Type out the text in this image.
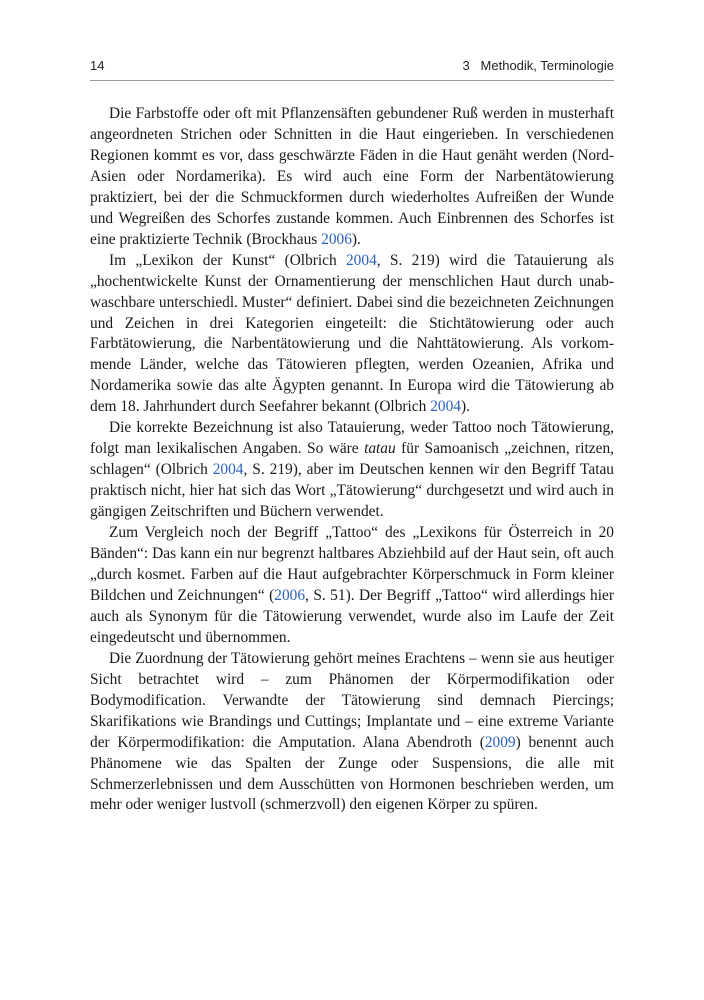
14	3 Methodik, Terminologie

Die Farbstoffe oder oft mit Pflanzensäften gebundener Ruß werden in musterhaft angeordneten Strichen oder Schnitten in die Haut eingerieben. In verschiedenen Regionen kommt es vor, dass geschwärzte Fäden in die Haut genäht werden (Nord-Asien oder Nordamerika). Es wird auch eine Form der Narbentätowierung praktiziert, bei der die Schmuckformen durch wiederholtes Aufreißen der Wunde und Wegreißen des Schorfes zustande kommen. Auch Einbrennen des Schorfes ist eine praktizierte Technik (Brockhaus 2006).

Im „Lexikon der Kunst“ (Olbrich 2004, S. 219) wird die Tatauierung als „hochentwickelte Kunst der Ornamentierung der menschlichen Haut durch unabwaschbare unterschiedl. Muster“ definiert. Dabei sind die bezeichneten Zeichnungen und Zeichen in drei Kategorien eingeteilt: die Stichtätowierung oder auch Farbtätowierung, die Narbentätowierung und die Nahttätowierung. Als vorkommende Länder, welche das Tätowieren pflegten, werden Ozeanien, Afrika und Nordamerika sowie das alte Ägypten genannt. In Europa wird die Tätowierung ab dem 18. Jahrhundert durch Seefahrer bekannt (Olbrich 2004).

Die korrekte Bezeichnung ist also Tatauierung, weder Tattoo noch Tätowierung, folgt man lexikalischen Angaben. So wäre tatau für Samoanisch „zeichnen, ritzen, schlagen“ (Olbrich 2004, S. 219), aber im Deutschen kennen wir den Begriff Tatau praktisch nicht, hier hat sich das Wort „Tätowierung“ durchgesetzt und wird auch in gängigen Zeitschriften und Büchern verwendet.

Zum Vergleich noch der Begriff „Tattoo“ des „Lexikons für Österreich in 20 Bänden“: Das kann ein nur begrenzt haltbares Abziehbild auf der Haut sein, oft auch „durch kosmet. Farben auf die Haut aufgebrachter Körperschmuck in Form kleiner Bildchen und Zeichnungen“ (2006, S. 51). Der Begriff „Tattoo“ wird allerdings hier auch als Synonym für die Tätowierung verwendet, wurde also im Laufe der Zeit eingedeutscht und übernommen.

Die Zuordnung der Tätowierung gehört meines Erachtens – wenn sie aus heutiger Sicht betrachtet wird – zum Phänomen der Körpermodifikation oder Bodymodification. Verwandte der Tätowierung sind demnach Piercings; Skarifikations wie Brandings und Cuttings; Implantate und – eine extreme Variante der Körpermodifikation: die Amputation. Alana Abendroth (2009) benennt auch Phänomene wie das Spalten der Zunge oder Suspensions, die alle mit Schmerzerlebnissen und dem Ausschütten von Hormonen beschrieben werden, um mehr oder weniger lustvoll (schmerzvoll) den eigenen Körper zu spüren.
